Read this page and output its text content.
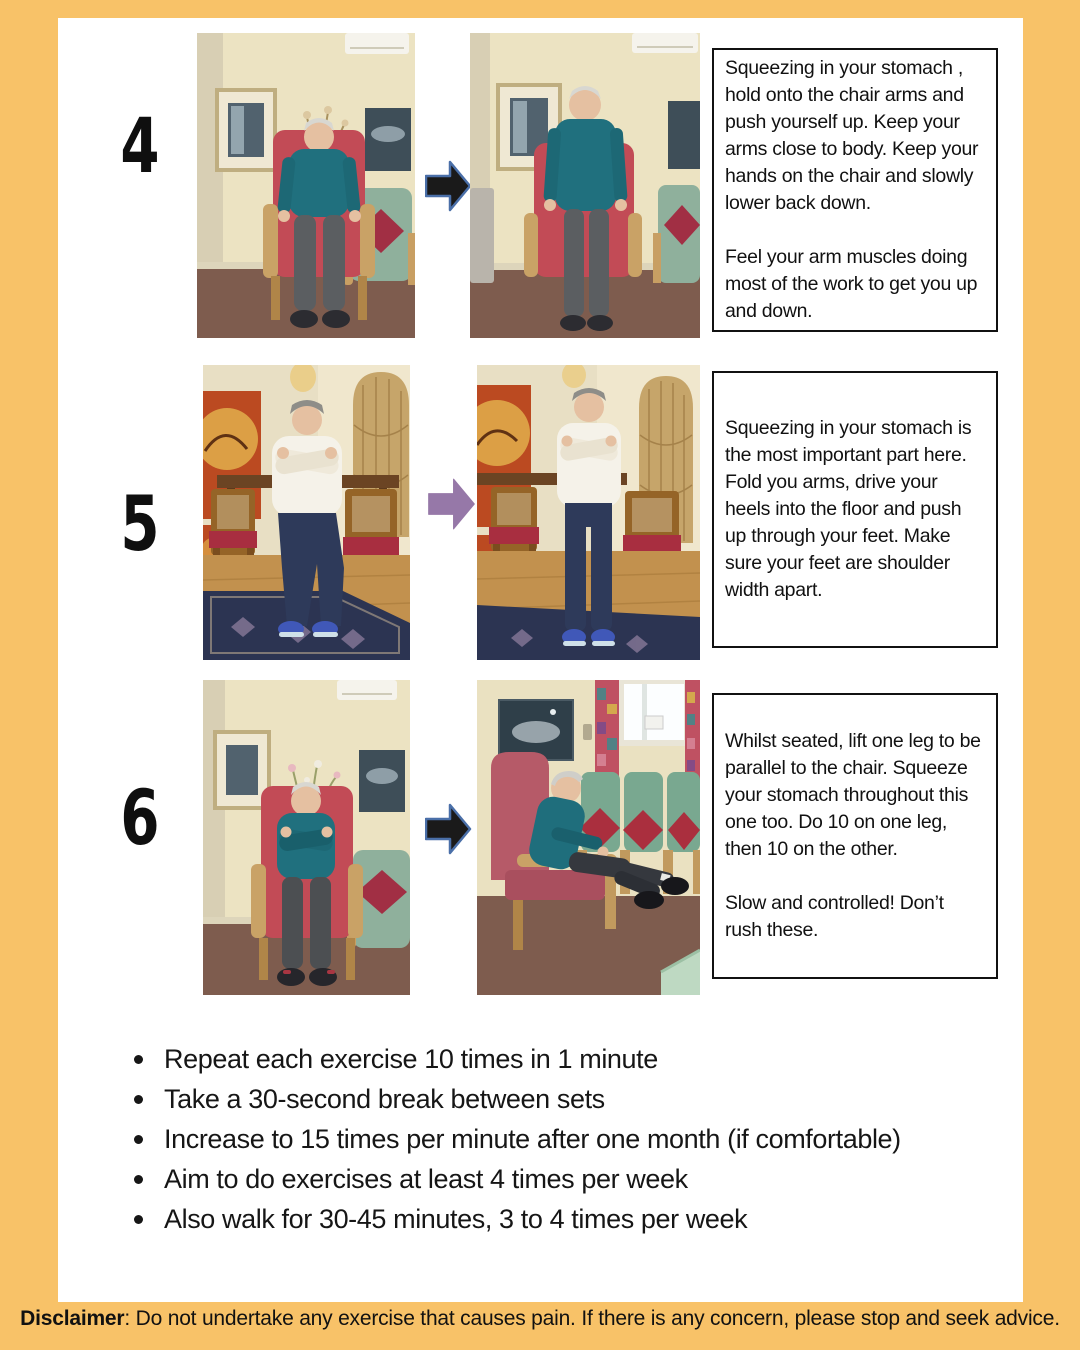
4

Squeezing in your stomach , hold onto the chair arms and push yourself up. Keep your arms close to body. Keep your hands on the chair and slowly lower back down.

Feel your arm muscles doing most of the work to get you up and down.

5

Squeezing in your stomach is the most important part here. Fold you arms, drive your heels into the floor and push up through your feet. Make sure your feet are shoulder width apart.

6

Whilst seated, lift one leg to be parallel to the chair. Squeeze your stomach throughout this one too. Do 10 on one leg, then 10 on the other.

Slow and controlled! Don’t rush these.

Repeat each exercise 10 times in 1 minute
Take a 30-second break between sets
Increase to 15 times per minute after one month (if comfortable)
Aim to do exercises at least 4 times per week
Also walk for 30-45 minutes, 3 to 4 times per week
Disclaimer: Do not undertake any exercise that causes pain. If there is any concern, please stop and seek advice.
